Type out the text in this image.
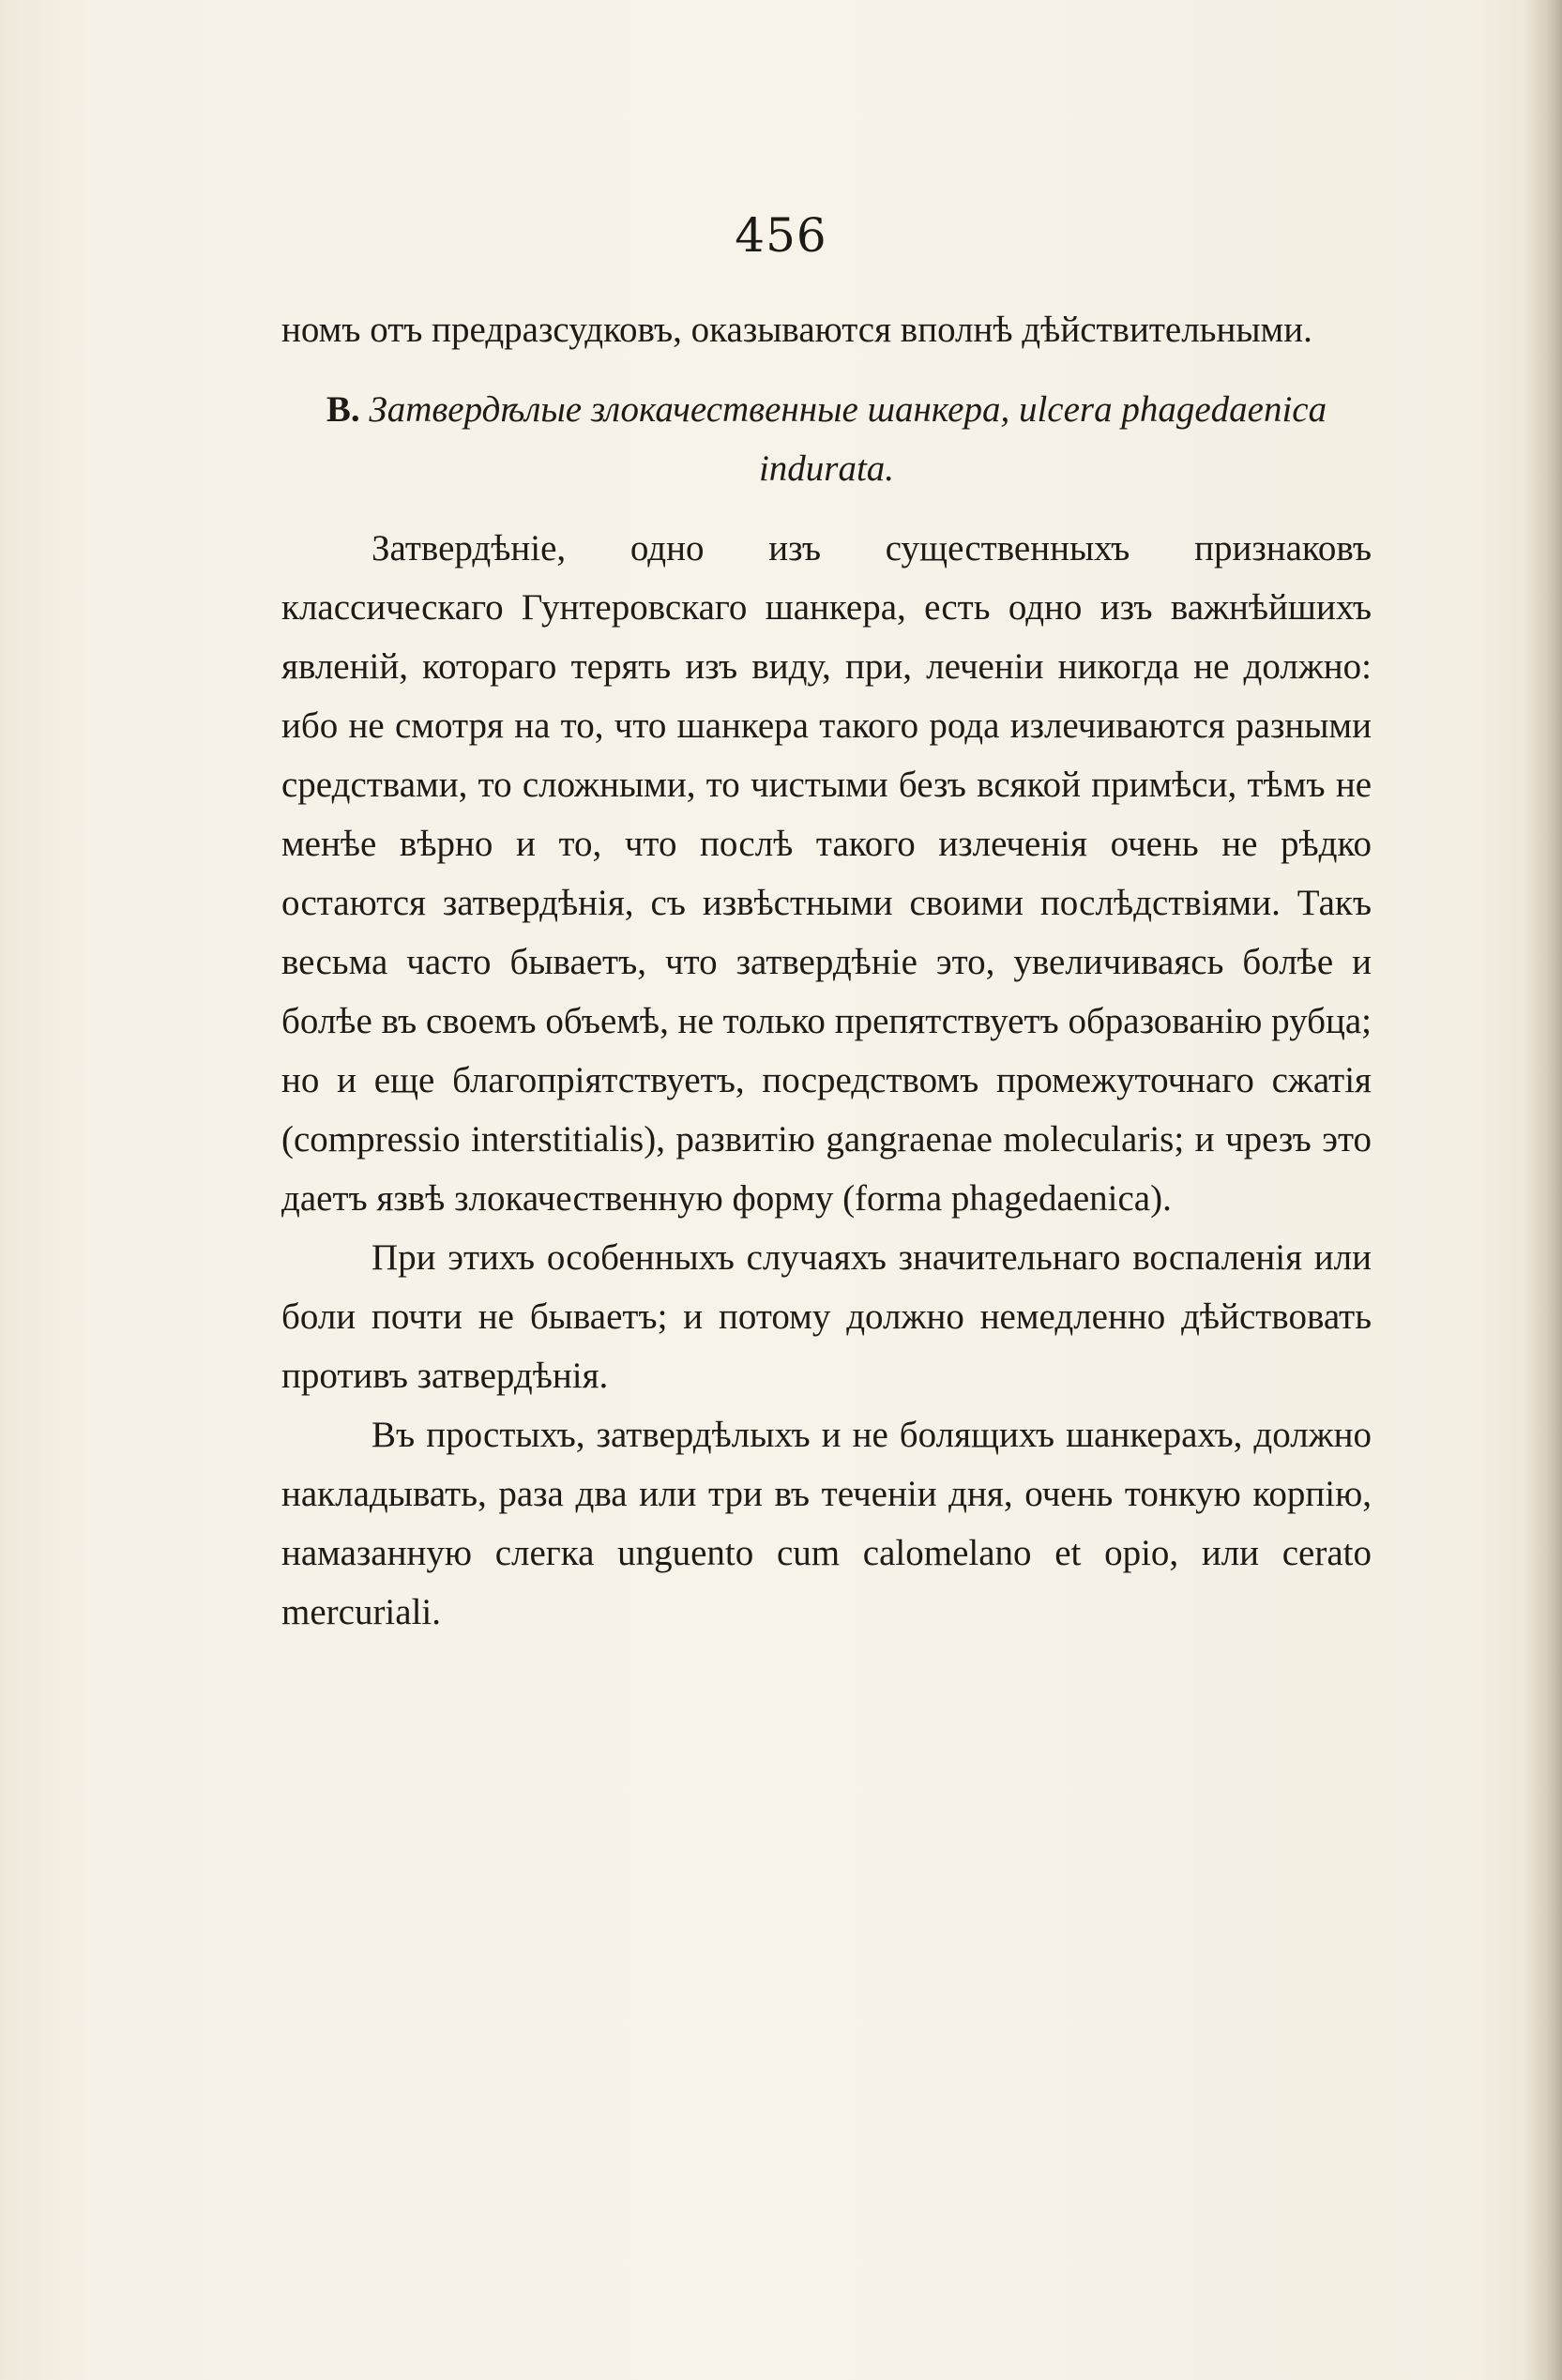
456

номъ отъ предразсудковъ, оказываются вполнѣ дѣйствительными.

B. Затвердѣлые злокачественные шанкера, ulcera phagedaenica indurata.

Затвердѣніе, одно изъ существенныхъ признаковъ классическаго Гунтеровскаго шанкера, есть одно изъ важнѣйшихъ явленій, котораго терять изъ виду, при, леченіи никогда не должно: ибо не смотря на то, что шанкера такого рода излечиваются разными средствами, то сложными, то чистыми безъ всякой примѣси, тѣмъ не менѣе вѣрно и то, что послѣ такого излеченія очень не рѣдко остаются затвердѣнія, съ извѣстными своими послѣдствіями. Такъ весьма часто бываетъ, что затвердѣніе это, увеличиваясь болѣе и болѣе въ своемъ объемѣ, не только препятствуетъ образованію рубца; но и еще благопріятствуетъ, посредствомъ промежуточнаго сжатія (compressio interstitialis), развитію gangraenae molecularis; и чрезъ это даетъ язвѣ злокачественную форму (forma phagedaenica).

При этихъ особенныхъ случаяхъ значительнаго воспаленія или боли почти не бываетъ; и потому должно немедленно дѣйствовать противъ затвердѣнія.

Въ простыхъ, затвердѣлыхъ и не болящихъ шанкерахъ, должно накладывать, раза два или три въ теченіи дня, очень тонкую корпію, намазанную слегка unguento cum calomelano et opio, или cerato mercuriali.
